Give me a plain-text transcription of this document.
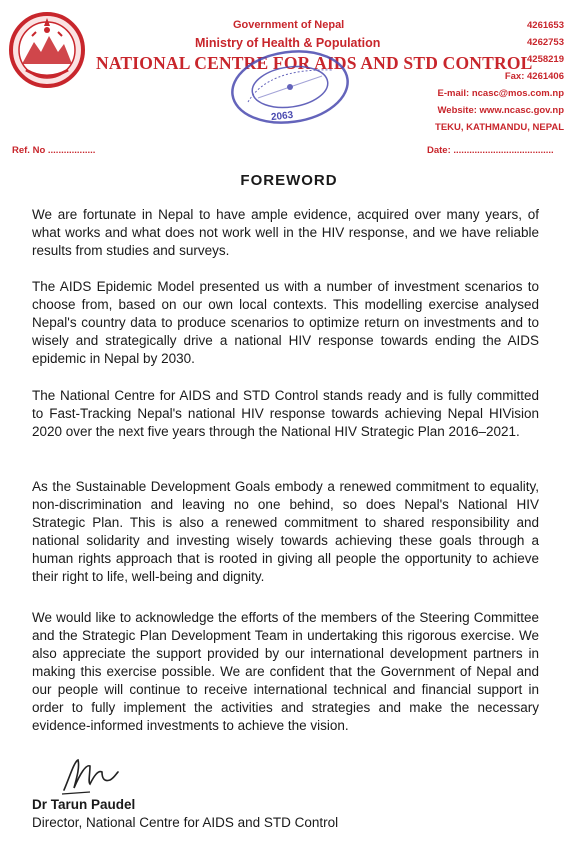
Government of Nepal
Ministry of Health & Population
NATIONAL CENTRE FOR AIDS AND STD CONTROL
4261653
4262753
4258219
Fax: 4261406
E-mail: ncasc@mos.com.np
Website: www.ncasc.gov.np
TEKU, KATHMANDU, NEPAL
2063
Ref. No ..................	Date: ......................................
FOREWORD

We are fortunate in Nepal to have ample evidence, acquired over many years, of what works and what does not work well in the HIV response, and we have reliable results from studies and surveys.

The AIDS Epidemic Model presented us with a number of investment scenarios to choose from, based on our own local contexts. This modelling exercise analysed Nepal's country data to produce scenarios to optimize return on investments and to wisely and strategically drive a national HIV response towards ending the AIDS epidemic in Nepal by 2030.

The National Centre for AIDS and STD Control stands ready and is fully committed to Fast-Tracking Nepal's national HIV response towards achieving Nepal HIVision 2020 over the next five years through the National HIV Strategic Plan 2016–2021.

As the Sustainable Development Goals embody a renewed commitment to equality, non-discrimination and leaving no one behind, so does Nepal's National HIV Strategic Plan. This is also a renewed commitment to shared responsibility and national solidarity and investing wisely towards achieving these goals through a human rights approach that is rooted in giving all people the opportunity to achieve their right to life, well-being and dignity.

We would like to acknowledge the efforts of the members of the Steering Committee and the Strategic Plan Development Team in undertaking this rigorous exercise. We also appreciate the support provided by our international development partners in making this exercise possible. We are confident that the Government of Nepal and our people will continue to receive international technical and financial support in order to fully implement the activities and strategies and make the necessary evidence-informed investments to achieve the vision.

Dr Tarun Paudel
Director, National Centre for AIDS and STD Control
